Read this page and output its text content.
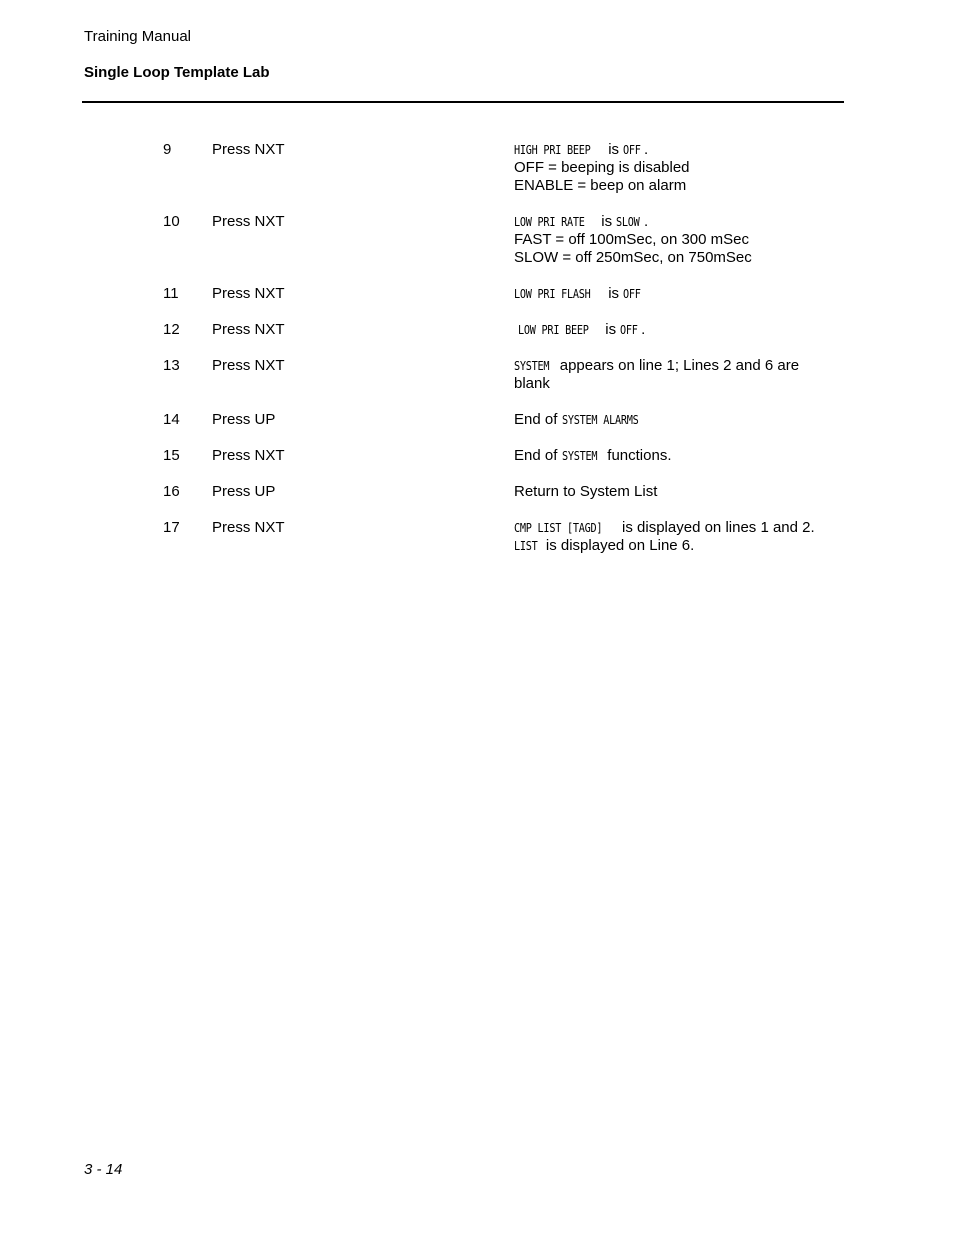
Training Manual
Single Loop Template Lab
9	Press NXT	HIGH PRI BEEP is OFF .
OFF = beeping is disabled
ENABLE = beep on alarm
10 Press NXT	LOW PRI RATE is SLOW .
FAST = off 100mSec, on 300 mSec
SLOW = off 250mSec, on 750mSec
11 Press NXT	LOW PRI FLASH is OFF
12 Press NXT	LOW PRI BEEP is OFF .
13 Press NXT	SYSTEM appears on line 1; Lines 2 and 6 are
blank
14 Press UP	End of SYSTEM ALARMS
15 Press NXT	End of SYSTEM functions.
16 Press UP	Return to System List
17 Press NXT	CMP LIST [TAGD] is displayed on lines 1 and 2.
LIST is displayed on Line 6.
3 - 14
